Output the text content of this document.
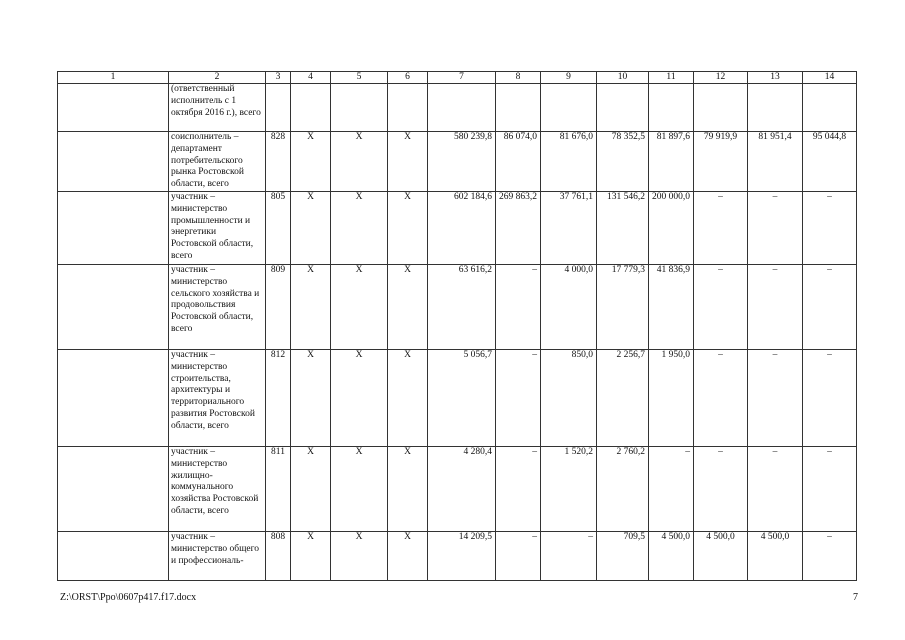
1	2	3	4	5	6	7	8	9	10	11	12	13	14
	(ответственный исполнитель с 1 октября 2016 г.), всего												
	соисполнитель – департамент потребительского рынка Ростовской области, всего	828	X	X	X	580 239,8	86 074,0	81 676,0	78 352,5	81 897,6	79 919,9	81 951,4	95 044,8
	участник – министерство промышленности и энергетики Ростовской области, всего	805	X	X	X	602 184,6	269 863,2	37 761,1	131 546,2	200 000,0	–	–	–
	участник – министерство сельского хозяйства и продовольствия Ростовской области, всего	809	X	X	X	63 616,2	–	4 000,0	17 779,3	41 836,9	–	–	–
	участник – министерство строительства, архитектуры и территориального развития Ростовской области, всего	812	X	X	X	5 056,7	–	850,0	2 256,7	1 950,0	–	–	–
	участник – министерство жилищно-коммунального хозяйства Ростовской области, всего	811	X	X	X	4 280,4	–	1 520,2	2 760,2	–	–	–	–
	участник – министерство общего и профессиональ-	808	X	X	X	14 209,5	–	–	709,5	4 500,0	4 500,0	4 500,0	–
Z:\ORST\Ppo\0607p417.f17.docx	7
